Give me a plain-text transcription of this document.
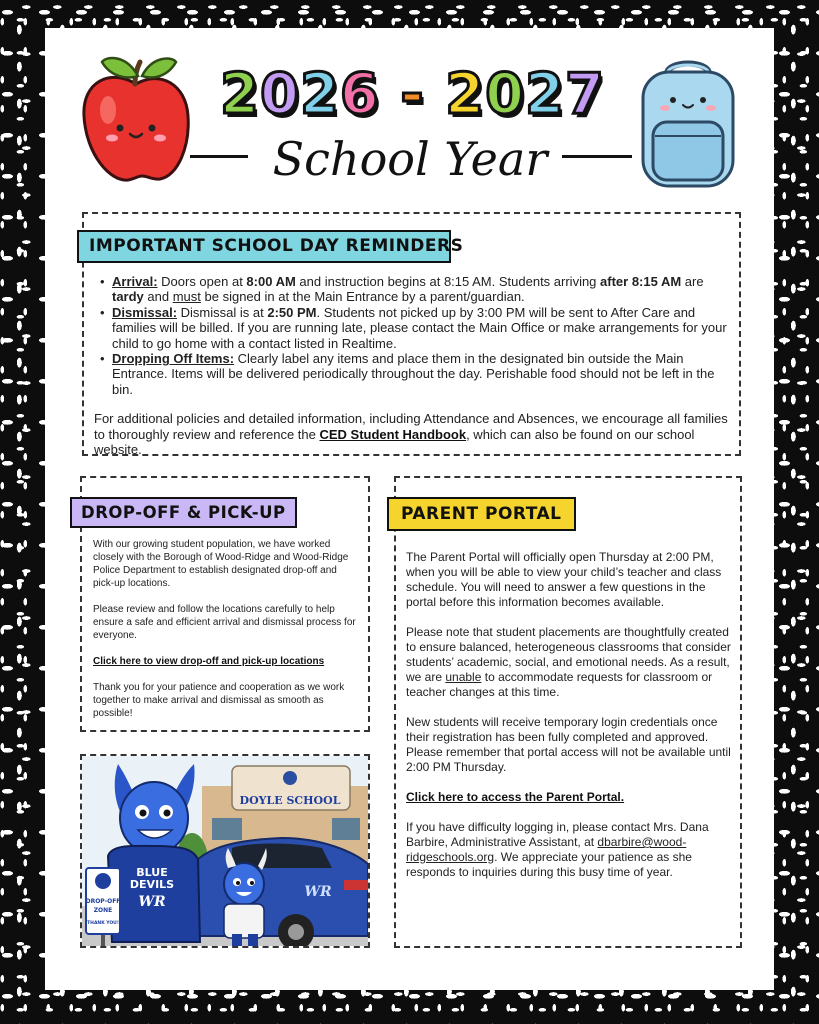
2026 - 2027
School Year
• Arrival: Doors open at 8:00 AM and instruction begins at 8:15 AM. Students arriving after 8:15 AM are tardy and must be signed in at the Main Entrance by a parent/guardian.
• Dismissal: Dismissal is at 2:50 PM. Students not picked up by 3:00 PM will be sent to After Care and families will be billed. If you are running late, please contact the Main Office or make arrangements for your child to go home with a contact listed in Realtime.
• Dropping Off Items: Clearly label any items and place them in the designated bin outside the Main Entrance. Items will be delivered periodically throughout the day. Perishable food should not be left in the bin.

For additional policies and detailed information, including Attendance and Absences, we encourage all families to thoroughly review and reference the CED Student Handbook, which can also be found on our school website.

IMPORTANT SCHOOL DAY REMINDERS

With our growing student population, we have worked closely with the Borough of Wood-Ridge and Wood-Ridge Police Department to establish designated drop-off and pick-up locations.

Please review and follow the locations carefully to help ensure a safe and efficient arrival and dismissal process for everyone.

Click here to view drop-off and pick-up locations

Thank you for your patience and cooperation as we work together to make arrival and dismissal as smooth as possible!

DROP-OFF & PICK-UP
BLUE
DEVILS
WR
DROP-OFF
ZONE
THANK YOU!
DOYLE SCHOOL
WR

The Parent Portal will officially open Thursday at 2:00 PM, when you will be able to view your child’s teacher and class schedule. You will need to answer a few questions in the portal before this information becomes available.

Please note that student placements are thoughtfully created to ensure balanced, heterogeneous classrooms that consider students’ academic, social, and emotional needs. As a result, we are unable to accommodate requests for classroom or teacher changes at this time.

New students will receive temporary login credentials once their registration has been fully completed and approved. Please remember that portal access will not be available until 2:00 PM Thursday.

Click here to access the Parent Portal.

If you have difficulty logging in, please contact Mrs. Dana Barbire, Administrative Assistant, at dbarbire@wood-ridgeschools.org. We appreciate your patience as she responds to inquiries during this busy time of year.

PARENT PORTAL
